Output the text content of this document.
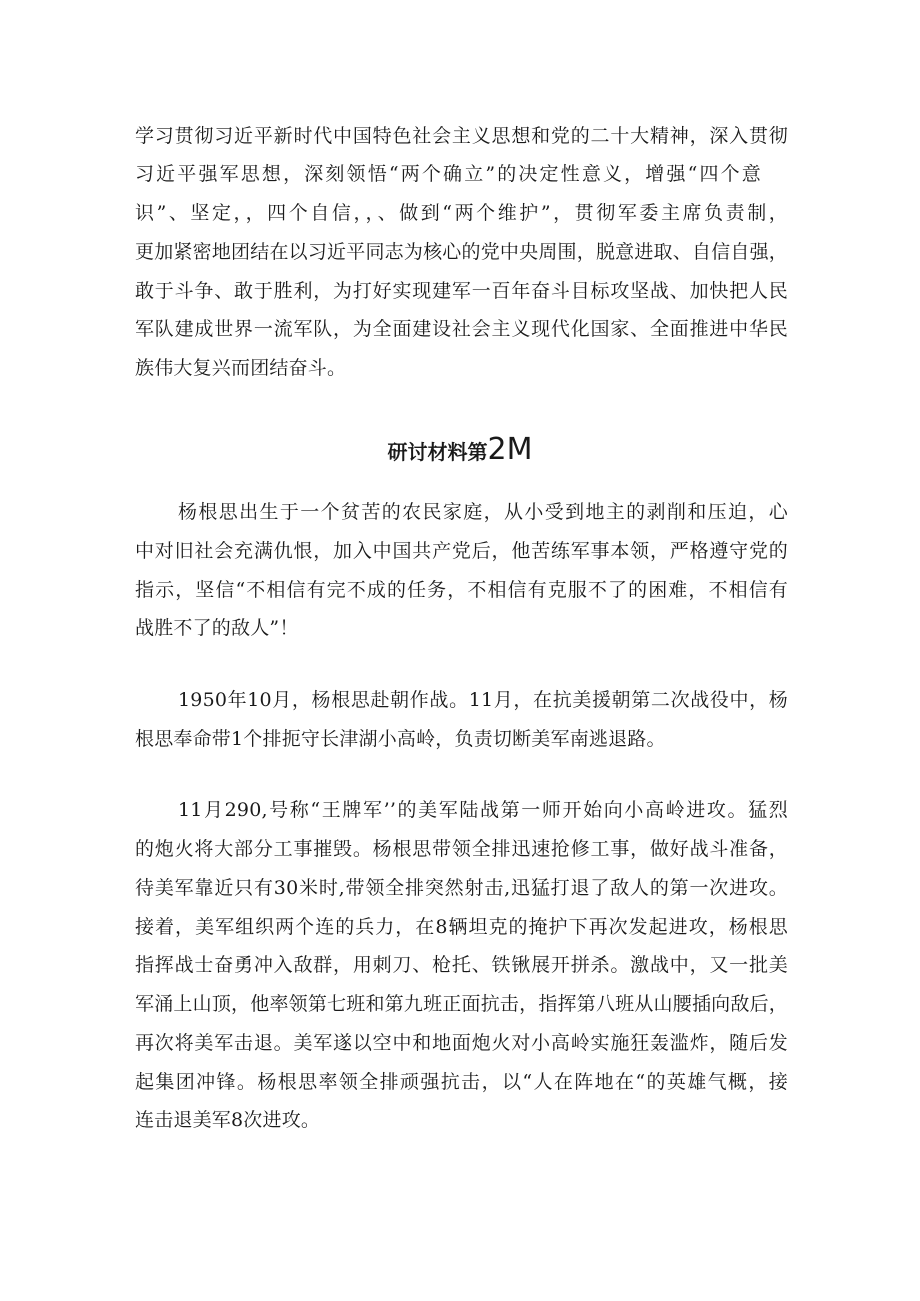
学习贯彻习近平新时代中国特色社会主义思想和党的二十大精神，深入贯彻
习近平强军思想，深刻领悟“两个确立”的决定性意义，增强“四个意
识”、坚定，，四个自信，，、做到“两个维护”，贯彻军委主席负责制，
更加紧密地团结在以习近平同志为核心的党中央周围，脱意进取、自信自强，
敢于斗争、敢于胜利，为打好实现建军一百年奋斗目标攻坚战、加快把人民
军队建成世界一流军队，为全面建设社会主义现代化国家、全面推进中华民
族伟大复兴而团结奋斗。
研讨材料第2M
杨根思出生于一个贫苦的农民家庭，从小受到地主的剥削和压迫，心
中对旧社会充满仇恨，加入中国共产党后，他苦练军事本领，严格遵守党的
指示，坚信“不相信有完不成的任务，不相信有克服不了的困难，不相信有
战胜不了的敌人”！
1950年10月，杨根思赴朝作战。11月，在抗美援朝第二次战役中，杨
根思奉命带1个排扼守长津湖小高岭，负责切断美军南逃退路。
11月290,号称“王牌军’’的美军陆战第一师开始向小高岭进攻。猛烈
的炮火将大部分工事摧毁。杨根思带领全排迅速抢修工事，做好战斗准备，
待美军靠近只有30米时,带领全排突然射击,迅猛打退了敌人的第一次进攻。
接着，美军组织两个连的兵力，在8辆坦克的掩护下再次发起进攻，杨根思
指挥战士奋勇冲入敌群，用刺刀、枪托、铁锹展开拼杀。激战中，又一批美
军涌上山顶，他率领第七班和第九班正面抗击，指挥第八班从山腰插向敌后，
再次将美军击退。美军遂以空中和地面炮火对小高岭实施狂轰滥炸，随后发
起集团冲锋。杨根思率领全排顽强抗击，以“人在阵地在“的英雄气概，接
连击退美军8次进攻。
